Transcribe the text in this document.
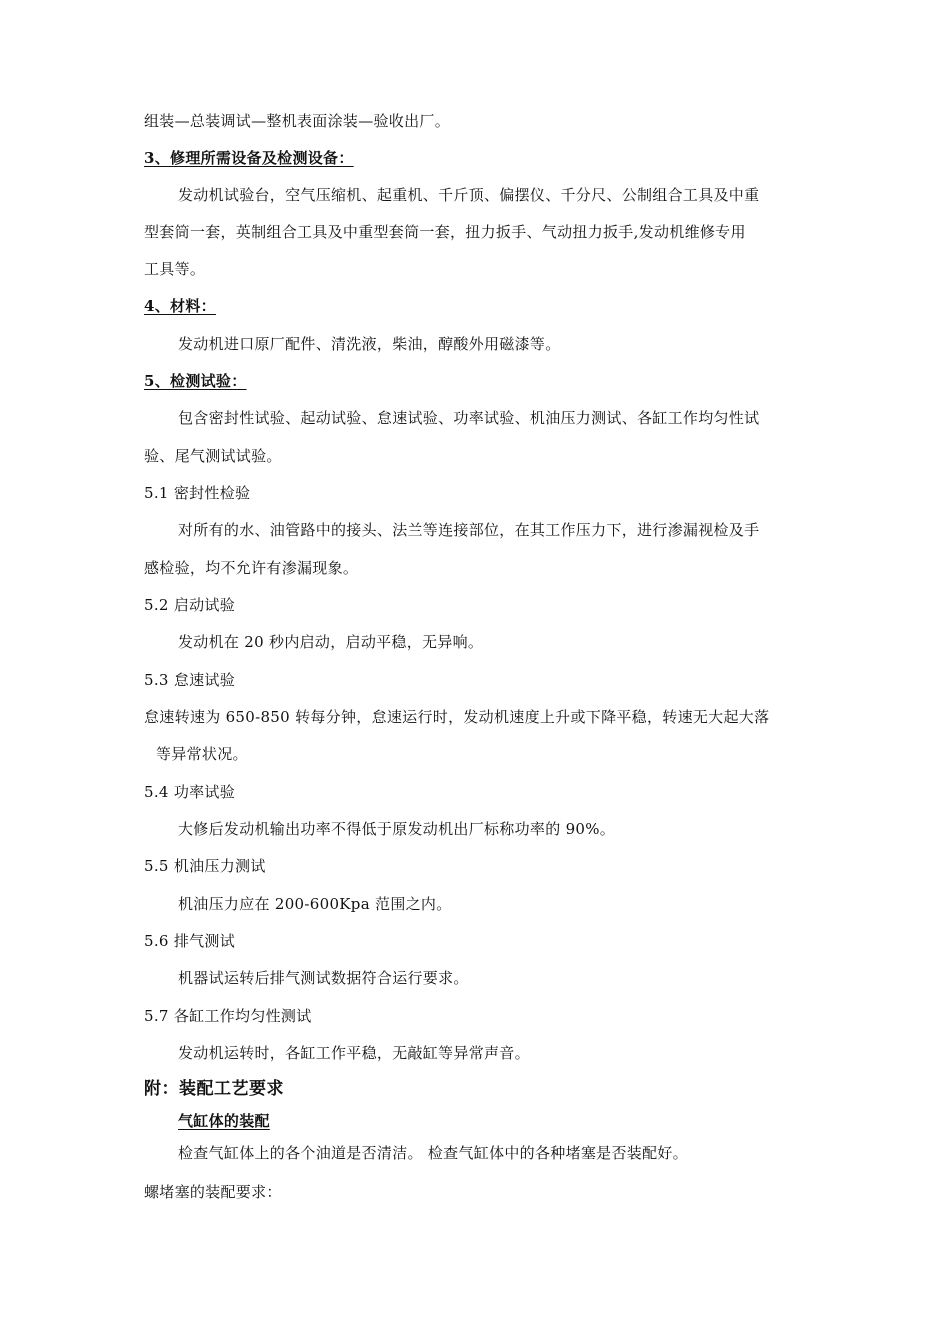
组装—总装调试—整机表面涂装—验收出厂。
3、修理所需设备及检测设备：
发动机试验台，空气压缩机、起重机、千斤顶、偏摆仪、千分尺、公制组合工具及中重
型套筒一套，英制组合工具及中重型套筒一套，扭力扳手、气动扭力扳手,发动机维修专用
工具等。
4、材料：
发动机进口原厂配件、清洗液，柴油，醇酸外用磁漆等。
5、检测试验：
包含密封性试验、起动试验、怠速试验、功率试验、机油压力测试、各缸工作均匀性试
验、尾气测试试验。
5.1 密封性检验
对所有的水、油管路中的接头、法兰等连接部位，在其工作压力下，进行渗漏视检及手
感检验，均不允许有渗漏现象。
5.2 启动试验
发动机在 20 秒内启动，启动平稳，无异响。
5.3 怠速试验
怠速转速为 650-850 转每分钟，怠速运行时，发动机速度上升或下降平稳，转速无大起大落
等异常状况。
5.4 功率试验
大修后发动机输出功率不得低于原发动机出厂标称功率的 90%。
5.5 机油压力测试
机油压力应在 200-600Kpa 范围之内。
5.6 排气测试
机器试运转后排气测试数据符合运行要求。
5.7 各缸工作均匀性测试
发动机运转时，各缸工作平稳，无敲缸等异常声音。
附：装配工艺要求
气缸体的装配
检查气缸体上的各个油道是否清洁。 检查气缸体中的各种堵塞是否装配好。
螺堵塞的装配要求：
